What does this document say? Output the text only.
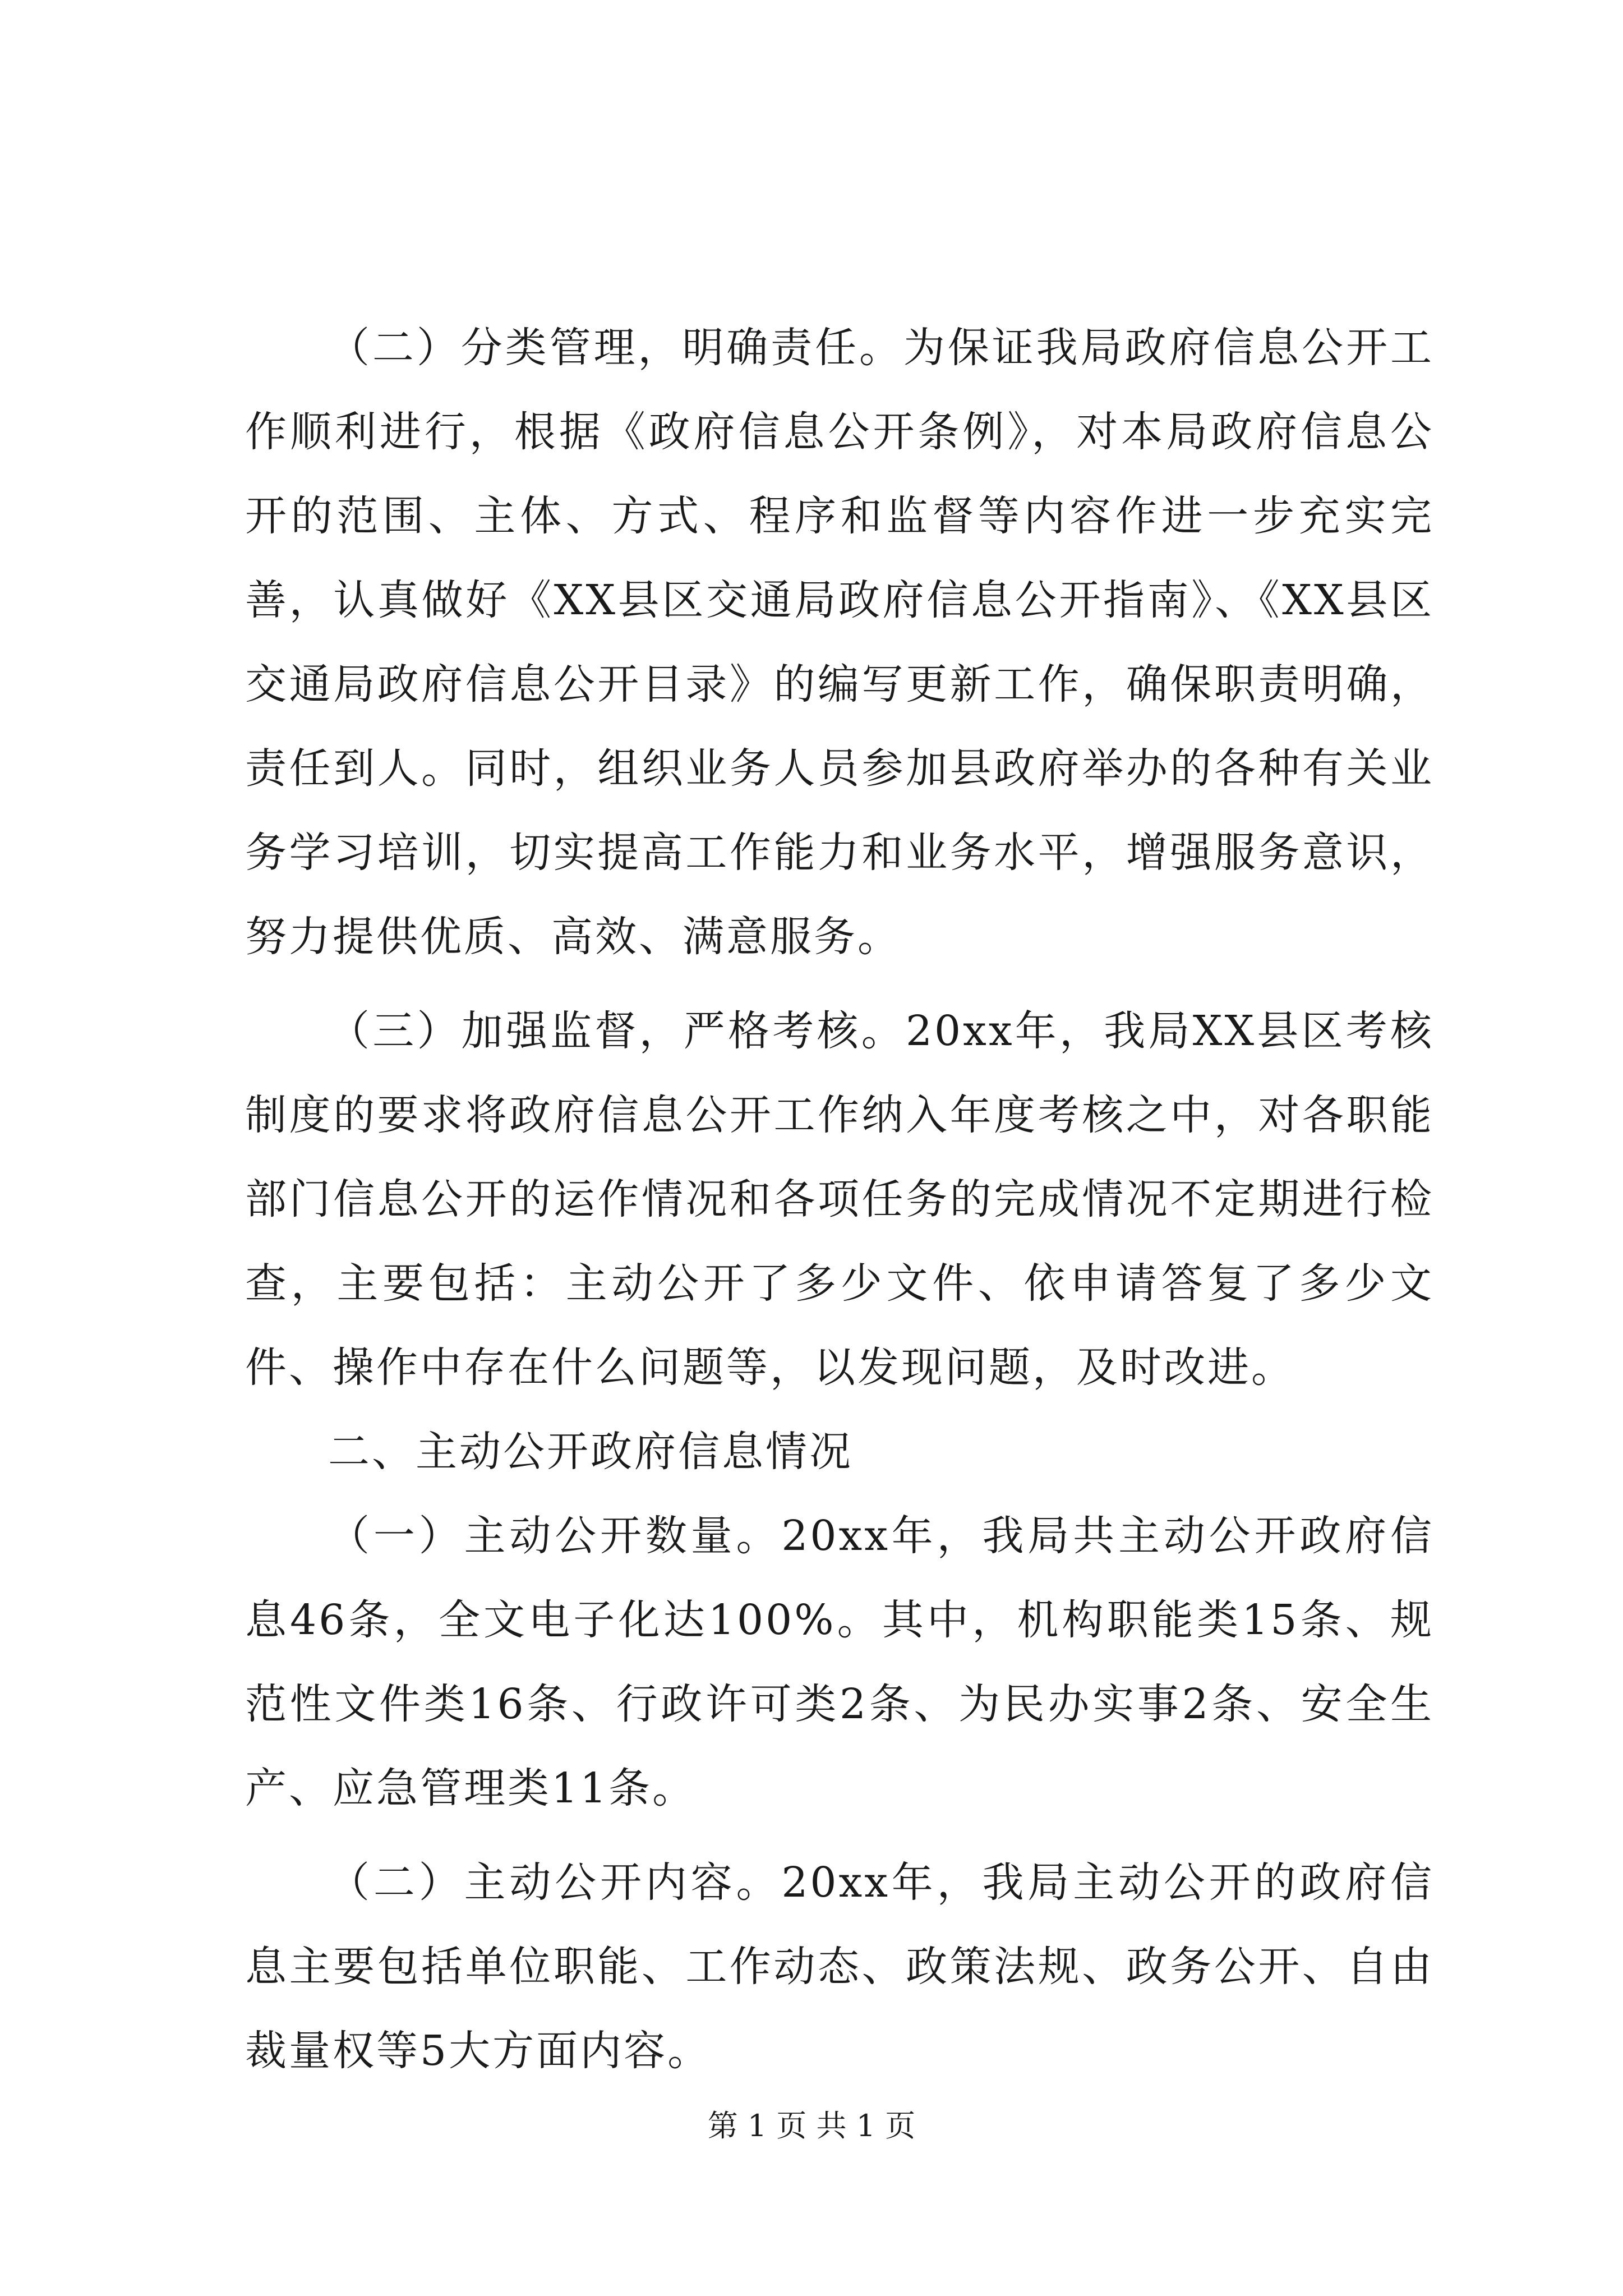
（二）分类管理，明确责任。为保证我局政府信息公开工作顺利进行，根据《政府信息公开条例》，对本局政府信息公开的范围、主体、方式、程序和监督等内容作进一步充实完善，认真做好《XX县区交通局政府信息公开指南》、《XX县区交通局政府信息公开目录》的编写更新工作，确保职责明确，责任到人。同时，组织业务人员参加县政府举办的各种有关业务学习培训，切实提高工作能力和业务水平，增强服务意识，努力提供优质、高效、满意服务。

（三）加强监督，严格考核。20xx年，我局XX县区考核制度的要求将政府信息公开工作纳入年度考核之中，对各职能部门信息公开的运作情况和各项任务的完成情况不定期进行检查，主要包括：主动公开了多少文件、依申请答复了多少文件、操作中存在什么问题等，以发现问题，及时改进。

二、主动公开政府信息情况

（一）主动公开数量。20xx年，我局共主动公开政府信息46条，全文电子化达100%。其中，机构职能类15条、规范性文件类16条、行政许可类2条、为民办实事2条、安全生产、应急管理类11条。

（二）主动公开内容。20xx年，我局主动公开的政府信息主要包括单位职能、工作动态、政策法规、政务公开、自由裁量权等5大方面内容。

第 1 页 共 1 页
